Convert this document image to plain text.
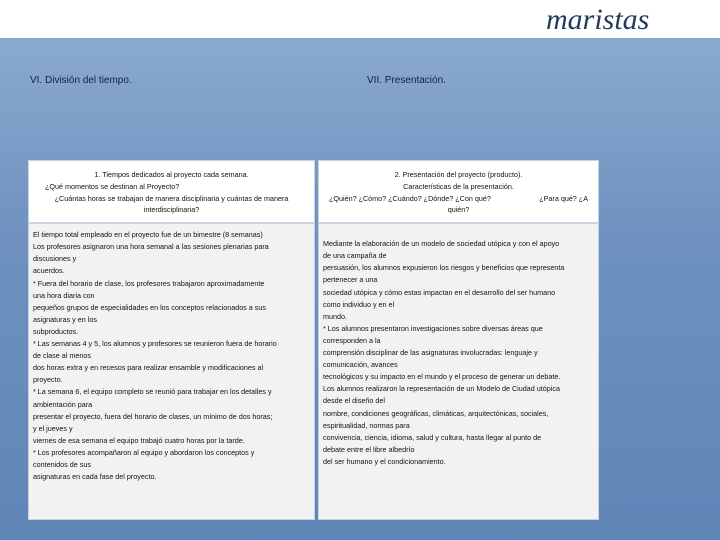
maristas
VI. División del tiempo.	VII. Presentación.
1. Tiempos dedicados al proyecto cada semana.
¿Qué momentos se destinan al Proyecto?
¿Cuántas horas se trabajan de manera disciplinaria y cuántas de manera
interdisciplinaria?
El tiempo total empleado en el proyecto fue de un bimestre (8 semanas)
Los profesores asignaron una hora semanal a las sesiones plenarias para
discusiones y
acuerdos.
* Fuera del horario de clase, los profesores trabajaron aproximadamente
una hora diaria con
pequeños grupos de especialidades en los conceptos relacionados a sus
asignaturas y en los
subproductos.
* Las semanas 4 y 5, los alumnos y profesores se reunieron fuera de horario
de clase al menos
dos horas extra y en recesos para realizar ensamble y modificaciones al
proyecto.
* La semana 6, el equipo completo se reunió para trabajar en los detalles y
ambientación para
presentar el proyecto, fuera del horario de clases, un mínimo de dos horas;
y el jueves y
viernes de esa semana el equipo trabajó cuatro horas por la tarde.
* Los profesores acompañaron al equipo y abordaron los conceptos y
contenidos de sus
asignaturas en cada fase del proyecto.
2. Presentación del proyecto (producto).
Características de la presentación.
¿Quién? ¿Cómo? ¿Cuándo? ¿Dónde? ¿Con qué?	¿Para qué? ¿A
quién?
Mediante la elaboración de un modelo de sociedad utópica y con el apoyo
de una campaña de
persuasión, los alumnos expusieron los riesgos y beneficios que representa
pertenecer a una
sociedad utópica y cómo estas impactan en el desarrollo del ser humano
como individuo y en el
mundo.
* Los alumnos presentaron investigaciones sobre diversas áreas que
corresponden a la
comprensión disciplinar de las asignaturas involucradas: lenguaje y
comunicación, avances
tecnológicos y su impacto en el mundo y el proceso de generar un debate.
Los alumnos realizaron la representación de un Modelo de Ciudad utópica
desde el diseño del
nombre, condiciones geográficas, climáticas, arquitectónicas, sociales,
espiritualidad, normas para
convivencia, ciencia, idioma, salud y cultura, hasta llegar al punto de
debate entre el libre albedrío
del ser humano y el condicionamiento.
